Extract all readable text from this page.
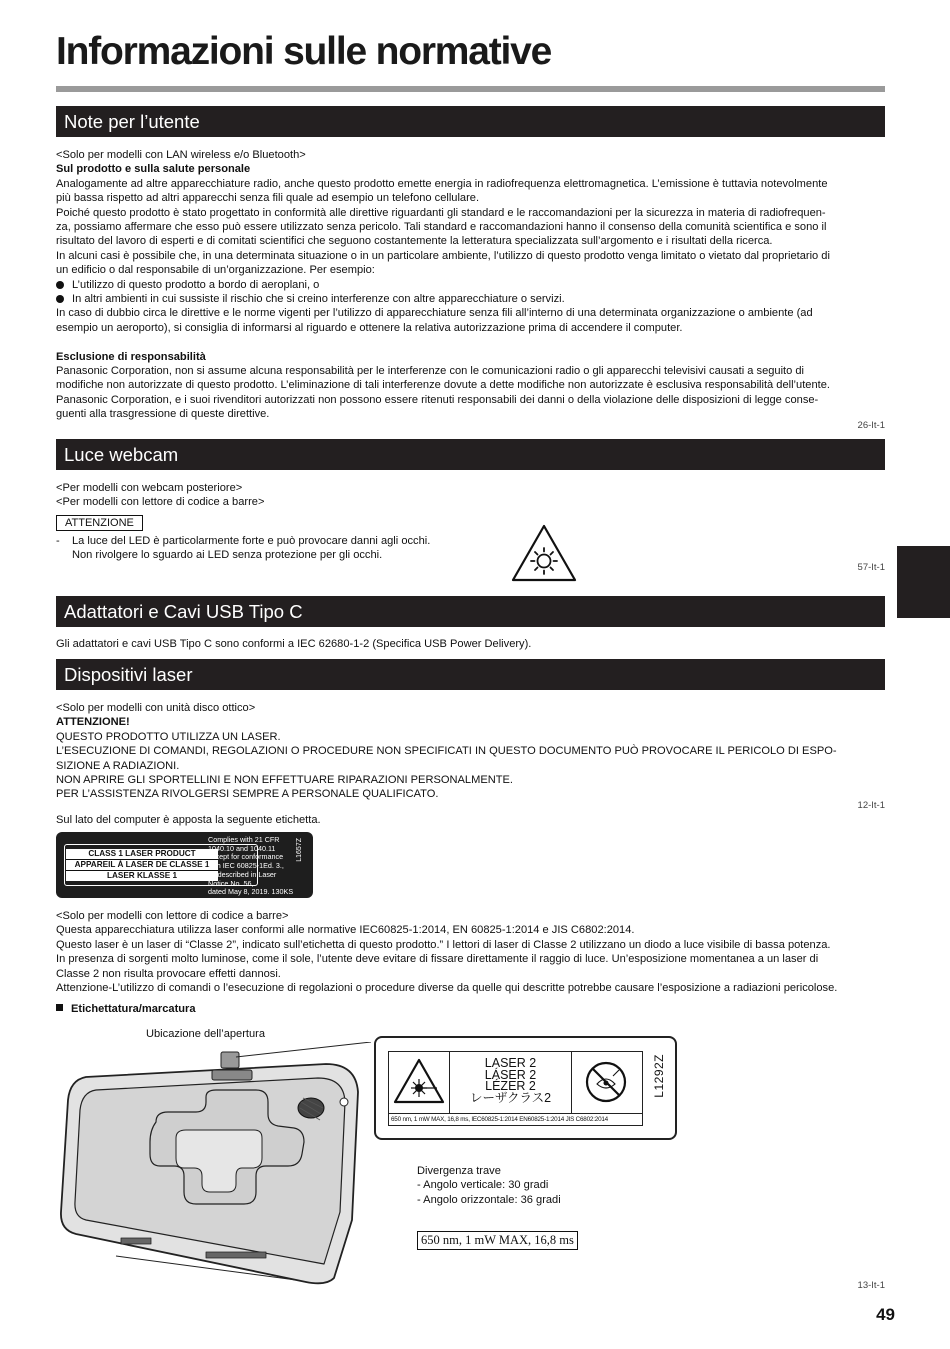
Informazioni sulle normative
Note per l’utente

<Solo per modelli con LAN wireless e/o Bluetooth>

Sul prodotto e sulla salute personale

Analogamente ad altre apparecchiature radio, anche questo prodotto emette energia in radiofrequenza elettromagnetica. L’emissione è tuttavia notevolmente

più bassa rispetto ad altri apparecchi senza fili quale ad esempio un telefono cellulare.

Poiché questo prodotto è stato progettato in conformità alle direttive riguardanti gli standard e le raccomandazioni per la sicurezza in materia di radiofrequen-

za, possiamo affermare che esso può essere utilizzato senza pericolo. Tali standard e raccomandazioni hanno il consenso della comunità scientifica e sono il

risultato del lavoro di esperti e di comitati scientifici che seguono costantemente la letteratura specializzata sull’argomento e i risultati della ricerca.

In alcuni casi è possibile che, in una determinata situazione o in un particolare ambiente, l’utilizzo di questo prodotto venga limitato o vietato dal proprietario di

un edificio o dal responsabile di un’organizzazione. Per esempio:

L’utilizzo di questo prodotto a bordo di aeroplani, o

In altri ambienti in cui sussiste il rischio che si creino interferenze con altre apparecchiature o servizi.

In caso di dubbio circa le direttive e le norme vigenti per l’utilizzo di apparecchiature senza fili all’interno di una determinata organizzazione o ambiente (ad

esempio un aeroporto), si consiglia di informarsi al riguardo e ottenere la relativa autorizzazione prima di accendere il computer.

Esclusione di responsabilità

Panasonic Corporation, non si assume alcuna responsabilità per le interferenze con le comunicazioni radio o gli apparecchi televisivi causati a seguito di

modifiche non autorizzate di questo prodotto. L’eliminazione di tali interferenze dovute a dette modifiche non autorizzate è esclusiva responsabilità dell’utente.

Panasonic Corporation, e i suoi rivenditori autorizzati non possono essere ritenuti responsabili dei danni o della violazione delle disposizioni di legge conse-

guenti alla trasgressione di queste direttive.

26-It-1
Luce webcam

<Per modelli con webcam posteriore>

<Per modelli con lettore di codice a barre>

ATTENZIONE

- La luce del LED è particolarmente forte e può provocare danni agli occhi.

Non rivolgere lo sguardo ai LED senza protezione per gli occhi.

57-It-1
Adattatori e Cavi USB Tipo C
Gli adattatori e cavi USB Tipo C sono conformi a IEC 62680-1-2 (Specifica USB Power Delivery).
Dispositivi laser

<Solo per modelli con unità disco ottico>

ATTENZIONE!

QUESTO PRODOTTO UTILIZZA UN LASER.

L’ESECUZIONE DI COMANDI, REGOLAZIONI O PROCEDURE NON SPECIFICATI IN QUESTO DOCUMENTO PUÒ PROVOCARE IL PERICOLO DI ESPO-

SIZIONE A RADIAZIONI.

NON APRIRE GLI SPORTELLINI E NON EFFETTUARE RIPARAZIONI PERSONALMENTE.

PER L’ASSISTENZA RIVOLGERSI SEMPRE A PERSONALE QUALIFICATO.

12-It-1
Sul lato del computer è apposta la seguente etichetta.
CLASS 1 LASER PRODUCT
APPAREIL À LASER DE CLASSE 1
LASER KLASSE 1
Complies with 21 CFR
1040.10 and 1040.11
except for conformance
with IEC 60825-1Ed. 3.,
as described in Laser
Notice No. 56,
dated May 8, 2019. 130KS
L1657Z

<Solo per modelli con lettore di codice a barre>

Questa apparecchiatura utilizza laser conformi alle normative IEC60825-1:2014, EN 60825-1:2014 e JIS C6802:2014.

Questo laser è un laser di “Classe 2”, indicato sull’etichetta di questo prodotto.” I lettori di laser di Classe 2 utilizzano un diodo a luce visibile di bassa potenza.

In presenza di sorgenti molto luminose, come il sole, l’utente deve evitare di fissare direttamente il raggio di luce. Un’esposizione momentanea a un laser di

Classe 2 non risulta provocare effetti dannosi.

Attenzione-L’utilizzo di comandi o l’esecuzione di regolazioni o procedure diverse da quelle qui descritte potrebbe causare l’esposizione a radiazioni pericolose.

Etichettatura/marcatura
Ubicazione dell’apertura
LASER 2
LÁSER 2
LÉZER 2
レーザクラス2
650 nm, 1 mW MAX, 16,8 ms, IEC60825-1:2014 EN60825-1:2014 JIS C6802:2014
L1292Z

Divergenza trave

- Angolo verticale: 30 gradi

- Angolo orizzontale: 36 gradi

650 nm, 1 mW MAX, 16,8 ms
13-It-1
49
